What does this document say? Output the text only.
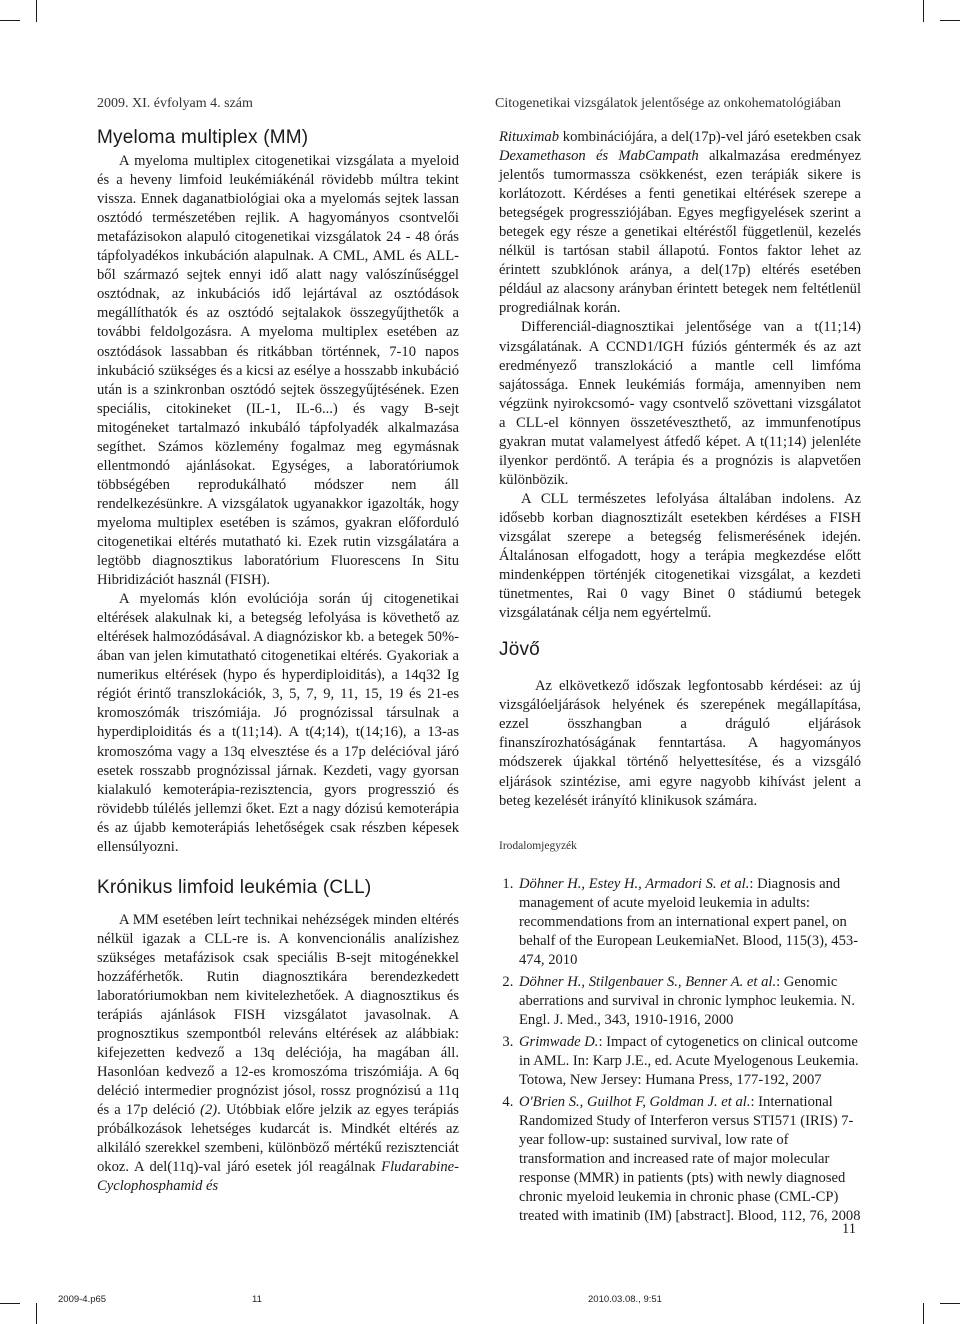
2009. XI. évfolyam 4. szám	Citogenetikai vizsgálatok jelentősége az onkohematológiában
Myeloma multiplex (MM)

A myeloma multiplex citogenetikai vizsgálata a myeloid és a heveny limfoid leukémiákénál rövidebb múltra tekint vissza. Ennek daganatbiológiai oka a myelomás sejtek lassan osztódó természetében rejlik. A hagyományos csontvelői metafázisokon alapuló citogenetikai vizsgálatok 24 - 48 órás tápfolyadékos inkubáción alapulnak. A CML, AML és ALL-ből származó sejtek ennyi idő alatt nagy valószínűséggel osztódnak, az inkubációs idő lejártával az osztódások megállíthatók és az osztódó sejtalakok összegyűjthetők a további feldolgozásra. A myeloma multiplex esetében az osztódások lassabban és ritkábban történnek, 7-10 napos inkubáció szükséges és a kicsi az esélye a hosszabb inkubáció után is a szinkronban osztódó sejtek összegyűjtésének. Ezen speciális, citokineket (IL-1, IL-6...) és vagy B-sejt mitogéneket tartalmazó inkubáló tápfolyadék alkalmazása segíthet. Számos közlemény fogalmaz meg egymásnak ellentmondó ajánlásokat. Egységes, a laboratóriumok többségében reprodukálható módszer nem áll rendelkezésünkre. A vizsgálatok ugyanakkor igazolták, hogy myeloma multiplex esetében is számos, gyakran előforduló citogenetikai eltérés mutatható ki. Ezek rutin vizsgálatára a legtöbb diagnosztikus laboratórium Fluorescens In Situ Hibridizációt használ (FISH).

A myelomás klón evolúciója során új citogenetikai eltérések alakulnak ki, a betegség lefolyása is követhető az eltérések halmozódásával. A diagnóziskor kb. a betegek 50%-ában van jelen kimutatható citogenetikai eltérés. Gyakoriak a numerikus eltérések (hypo és hyperdiploiditás), a 14q32 Ig régiót érintő transzlokációk, 3, 5, 7, 9, 11, 15, 19 és 21-es kromoszómák triszómiája. Jó prognózissal társulnak a hyperdiploiditás és a t(11;14). A t(4;14), t(14;16), a 13-as kromoszóma vagy a 13q elvesztése és a 17p delécióval járó esetek rosszabb prognózissal járnak. Kezdeti, vagy gyorsan kialakuló kemoterápia-rezisztencia, gyors progresszió és rövidebb túlélés jellemzi őket. Ezt a nagy dózisú kemoterápia és az újabb kemoterápiás lehetőségek csak részben képesek ellensúlyozni.

Krónikus limfoid leukémia (CLL)

A MM esetében leírt technikai nehézségek minden eltérés nélkül igazak a CLL-re is. A konvencionális analízishez szükséges metafázisok csak speciális B-sejt mitogénekkel hozzáférhetők. Rutin diagnosztikára berendezkedett laboratóriumokban nem kivitelezhetőek. A diagnosztikus és terápiás ajánlások FISH vizsgálatot javasolnak. A prognosztikus szempontból releváns eltérések az alábbiak: kifejezetten kedvező a 13q deléciója, ha magában áll. Hasonlóan kedvező a 12-es kromoszóma triszómiája. A 6q deléció intermedier prognózist jósol, rossz prognózisú a 11q és a 17p deléció (2). Utóbbiak előre jelzik az egyes terápiás próbálkozások lehetséges kudarcát is. Mindkét eltérés az alkiláló szerekkel szembeni, különböző mértékű rezisztenciát okoz. A del(11q)-val járó esetek jól reagálnak Fludarabine-Cyclophosphamid és

Rituximab kombinációjára, a del(17p)-vel járó esetekben csak Dexamethason és MabCampath alkalmazása eredményez jelentős tumormassza csökkenést, ezen terápiák sikere is korlátozott. Kérdéses a fenti genetikai eltérések szerepe a betegségek progressziójában. Egyes megfigyelések szerint a betegek egy része a genetikai eltéréstől függetlenül, kezelés nélkül is tartósan stabil állapotú. Fontos faktor lehet az érintett szubklónok aránya, a del(17p) eltérés esetében például az alacsony arányban érintett betegek nem feltétlenül progrediálnak korán.

Differenciál-diagnosztikai jelentősége van a t(11;14) vizsgálatának. A CCND1/IGH fúziós géntermék és az azt eredményező transzlokáció a mantle cell limfóma sajátossága. Ennek leukémiás formája, amennyiben nem végzünk nyirokcsomó- vagy csontvelő szövettani vizsgálatot a CLL-el könnyen összetéveszthető, az immunfenotípus gyakran mutat valamelyest átfedő képet. A t(11;14) jelenléte ilyenkor perdöntő. A terápia és a prognózis is alapvetően különbözik.

A CLL természetes lefolyása általában indolens. Az idősebb korban diagnosztizált esetekben kérdéses a FISH vizsgálat szerepe a betegség felismerésének idején. Általánosan elfogadott, hogy a terápia megkezdése előtt mindenképpen történjék citogenetikai vizsgálat, a kezdeti tünetmentes, Rai 0 vagy Binet 0 stádiumú betegek vizsgálatának célja nem egyértelmű.

Jövő

Az elkövetkező időszak legfontosabb kérdései: az új vizsgálóeljárások helyének és szerepének megállapítása, ezzel összhangban a dráguló eljárások finanszírozhatóságának fenntartása. A hagyományos módszerek újakkal történő helyettesítése, és a vizsgáló eljárások szintézise, ami egyre nagyobb kihívást jelent a beteg kezelését irányító klinikusok számára.

Irodalomjegyzék
1. Döhner H., Estey H., Armadori S. et al.: Diagnosis and management of acute myeloid leukemia in adults: recommendations from an international expert panel, on behalf of the European LeukemiaNet. Blood, 115(3), 453-474, 2010
2. Döhner H., Stilgenbauer S., Benner A. et al.: Genomic aberrations and survival in chronic lymphoc leukemia. N. Engl. J. Med., 343, 1910-1916, 2000
3. Grimwade D.: Impact of cytogenetics on clinical outcome in AML. In: Karp J.E., ed. Acute Myelogenous Leukemia. Totowa, New Jersey: Humana Press, 177-192, 2007
4. O'Brien S., Guilhot F, Goldman J. et al.: International Randomized Study of Interferon versus STI571 (IRIS) 7-year follow-up: sustained survival, low rate of transformation and increased rate of major molecular response (MMR) in patients (pts) with newly diagnosed chronic myeloid leukemia in chronic phase (CML-CP) treated with imatinib (IM) [abstract]. Blood, 112, 76, 2008
11
2009-4.p65	11	2010.03.08., 9:51
